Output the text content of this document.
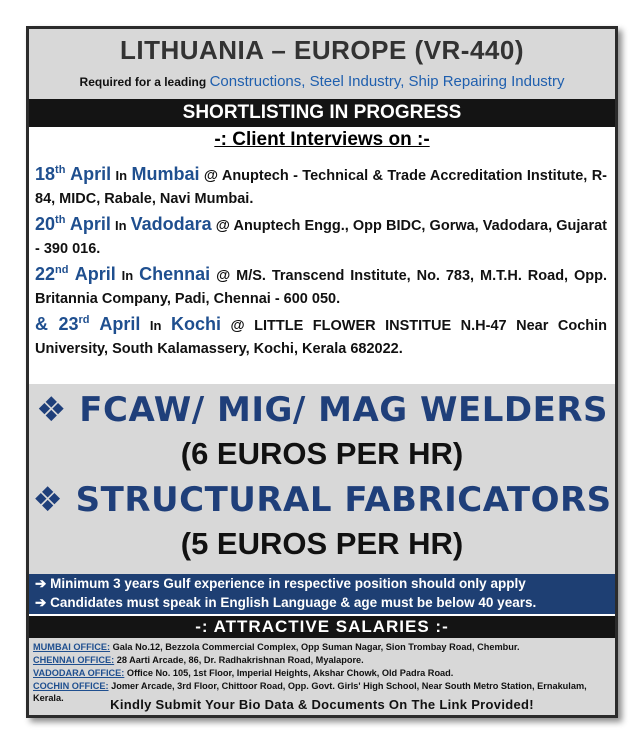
LITHUANIA – EUROPE (VR-440)
Required for a leading Constructions, Steel Industry, Ship Repairing Industry
SHORTLISTING IN PROGRESS
-: Client Interviews on :-
18th April In Mumbai @ Anuptech - Technical & Trade Accreditation Institute, R-84, MIDC, Rabale, Navi Mumbai.
20th April In Vadodara @ Anuptech Engg., Opp BIDC, Gorwa, Vadodara, Gujarat - 390 016.
22nd April In Chennai @ M/S. Transcend Institute, No. 783, M.T.H. Road, Opp. Britannia Company, Padi, Chennai - 600 050.
& 23rd April In Kochi @ LITTLE FLOWER INSTITUE N.H-47 Near Cochin University, South Kalamassery, Kochi, Kerala 682022.
❖ FCAW/ MIG/ MAG WELDERS
(6 EUROS PER HR)
❖ STRUCTURAL FABRICATORS
(5 EUROS PER HR)
➔ Minimum 3 years Gulf experience in respective position should only apply
➔ Candidates must speak in English Language & age must be below 40 years.
-: ATTRACTIVE SALARIES :-
MUMBAI OFFICE: Gala No.12, Bezzola Commercial Complex, Opp Suman Nagar, Sion Trombay Road, Chembur.
CHENNAI OFFICE: 28 Aarti Arcade, 86, Dr. Radhakrishnan Road, Myalapore.
VADODARA OFFICE: Office No. 105, 1st Floor, Imperial Heights, Akshar Chowk, Old Padra Road.
COCHIN OFFICE: Jomer Arcade, 3rd Floor, Chittoor Road, Opp. Govt. Girls' High School, Near South Metro Station, Ernakulam, Kerala.	Kindly Submit Your Bio Data & Documents On The Link Provided!
